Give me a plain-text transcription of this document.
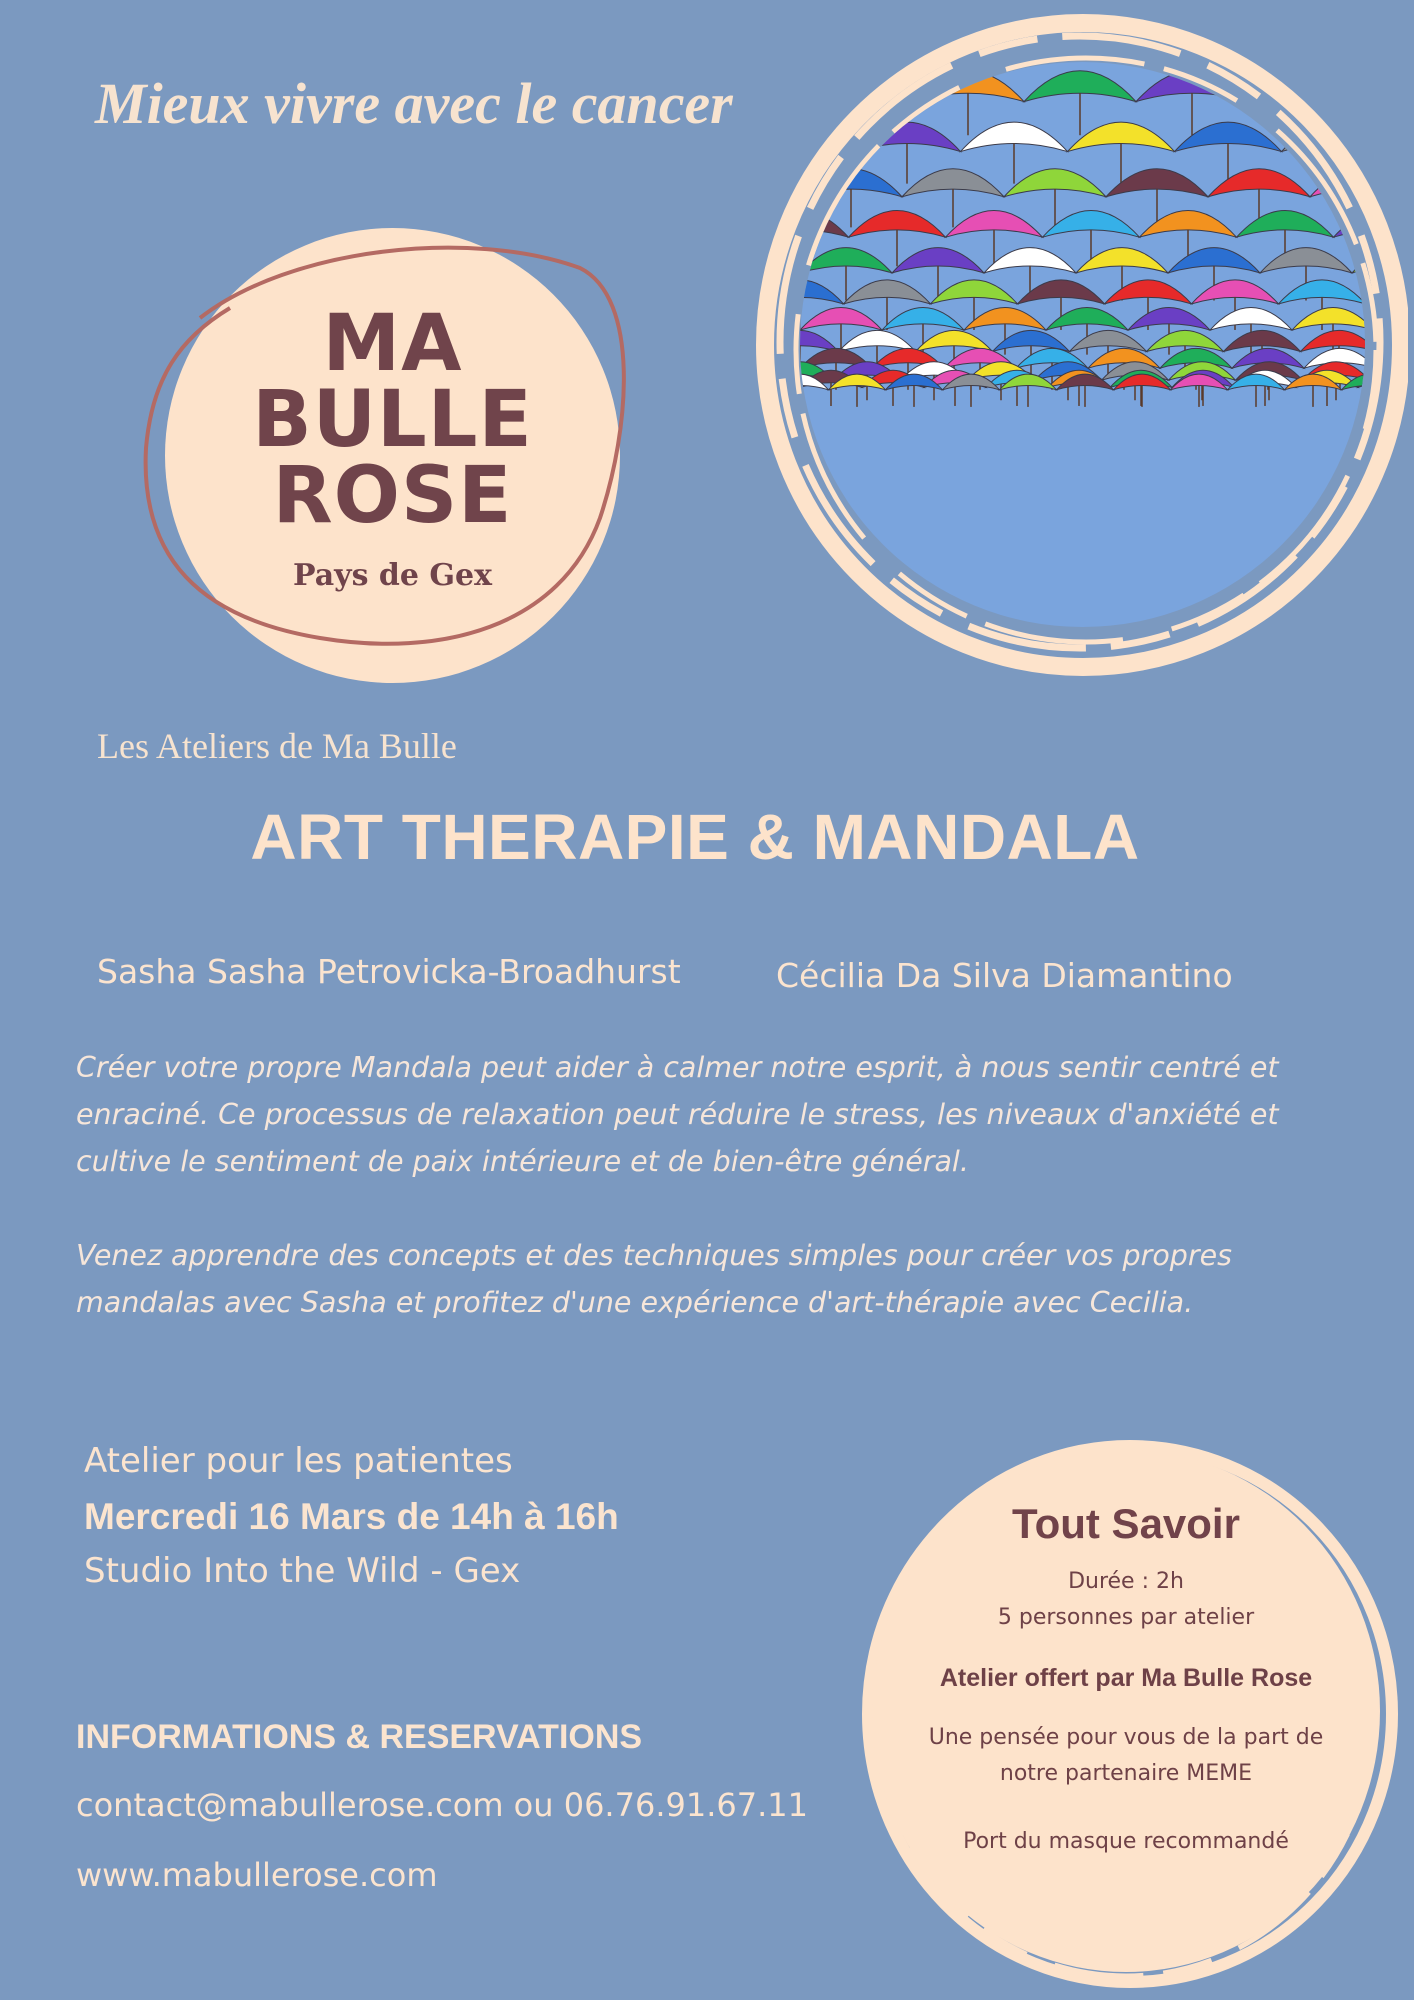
Mieux vivre avec le cancer
MA
BULLE
ROSE
Pays de Gex
Les Ateliers de Ma Bulle
ART THERAPIE & MANDALA
Sasha Sasha Petrovicka-Broadhurst	Cécilia Da Silva Diamantino
Créer votre propre Mandala peut aider à calmer notre esprit, à nous sentir centré et enraciné. Ce processus de relaxation peut réduire le stress, les niveaux d'anxiété et cultive le sentiment de paix intérieure et de bien-être général.
Venez apprendre des concepts et des techniques simples pour créer vos propres mandalas avec Sasha et profitez d'une expérience d'art-thérapie avec Cecilia.
Atelier pour les patientes
Mercredi 16 Mars de 14h à 16h
Studio Into the Wild - Gex
INFORMATIONS & RESERVATIONS
contact@mabullerose.com ou 06.76.91.67.11
www.mabullerose.com
Tout Savoir
Durée : 2h
5 personnes par atelier
Atelier offert par Ma Bulle Rose
Une pensée pour vous de la part de
notre partenaire MEME
Port du masque recommandé
